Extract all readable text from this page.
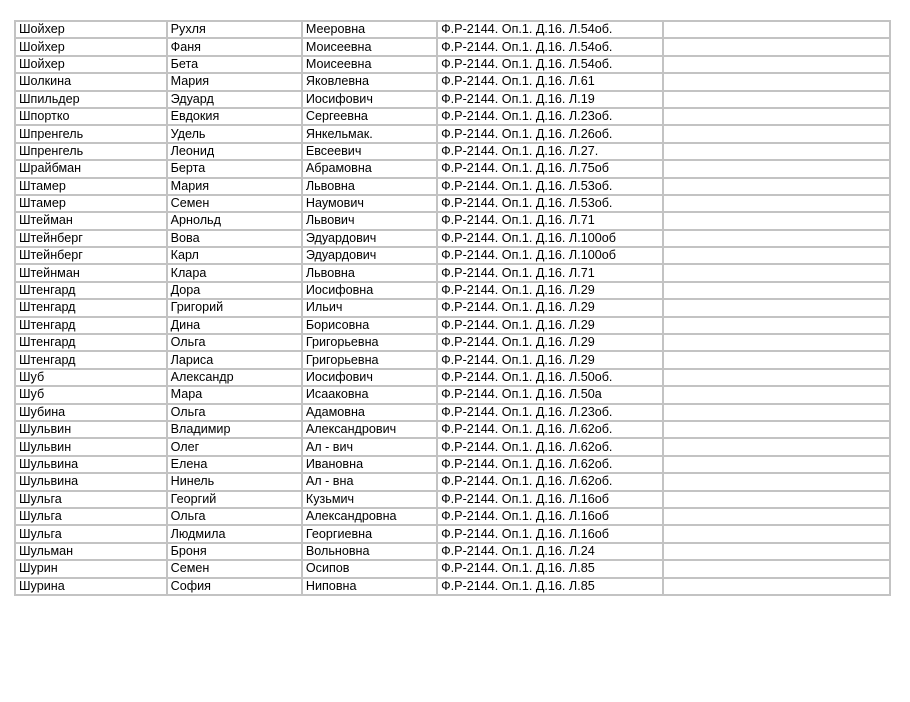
Шойхер	Рухля	Мееровна	Ф.Р-2144. Оп.1. Д.16. Л.54об.	
Шойхер	Фаня	Моисеевна	Ф.Р-2144. Оп.1. Д.16. Л.54об.	
Шойхер	Бета	Моисеевна	Ф.Р-2144. Оп.1. Д.16. Л.54об.	
Шолкина	Мария	Яковлевна	Ф.Р-2144. Оп.1. Д.16. Л.61	
Шпильдер	Эдуард	Иосифович	Ф.Р-2144. Оп.1. Д.16. Л.19	
Шпортко	Евдокия	Сергеевна	Ф.Р-2144. Оп.1. Д.16. Л.23об.	
Шпренгель	Удель	Янкельмак.	Ф.Р-2144. Оп.1. Д.16. Л.26об.	
Шпренгель	Леонид	Евсеевич	Ф.Р-2144. Оп.1. Д.16. Л.27.	
Шрайбман	Берта	Абрамовна	Ф.Р-2144. Оп.1. Д.16. Л.75об	
Штамер	Мария	Львовна	Ф.Р-2144. Оп.1. Д.16. Л.53об.	
Штамер	Семен	Наумович	Ф.Р-2144. Оп.1. Д.16. Л.53об.	
Штейман	Арнольд	Львович	Ф.Р-2144. Оп.1. Д.16. Л.71	
Штейнберг	Вова	Эдуардович	Ф.Р-2144. Оп.1. Д.16. Л.100об	
Штейнберг	Карл	Эдуардович	Ф.Р-2144. Оп.1. Д.16. Л.100об	
Штейнман	Клара	Львовна	Ф.Р-2144. Оп.1. Д.16. Л.71	
Штенгард	Дора	Иосифовна	Ф.Р-2144. Оп.1. Д.16. Л.29	
Штенгард	Григорий	Ильич	Ф.Р-2144. Оп.1. Д.16. Л.29	
Штенгард	Дина	Борисовна	Ф.Р-2144. Оп.1. Д.16. Л.29	
Штенгард	Ольга	Григорьевна	Ф.Р-2144. Оп.1. Д.16. Л.29	
Штенгард	Лариса	Григорьевна	Ф.Р-2144. Оп.1. Д.16. Л.29	
Шуб	Александр	Иосифович	Ф.Р-2144. Оп.1. Д.16. Л.50об.	
Шуб	Мара	Исааковна	Ф.Р-2144. Оп.1. Д.16. Л.50а	
Шубина	Ольга	Адамовна	Ф.Р-2144. Оп.1. Д.16. Л.23об.	
Шульвин	Владимир	Александрович	Ф.Р-2144. Оп.1. Д.16. Л.62об.	
Шульвин	Олег	Ал - вич	Ф.Р-2144. Оп.1. Д.16. Л.62об.	
Шульвина	Елена	Ивановна	Ф.Р-2144. Оп.1. Д.16. Л.62об.	
Шульвина	Нинель	Ал - вна	Ф.Р-2144. Оп.1. Д.16. Л.62об.	
Шульга	Георгий	Кузьмич	Ф.Р-2144. Оп.1. Д.16. Л.16об	
Шульга	Ольга	Александровна	Ф.Р-2144. Оп.1. Д.16. Л.16об	
Шульга	Людмила	Георгиевна	Ф.Р-2144. Оп.1. Д.16. Л.16об	
Шульман	Броня	Вольновна	Ф.Р-2144. Оп.1. Д.16. Л.24	
Шурин	Семен	Осипов	Ф.Р-2144. Оп.1. Д.16. Л.85	
Шурина	София	Ниповна	Ф.Р-2144. Оп.1. Д.16. Л.85	
